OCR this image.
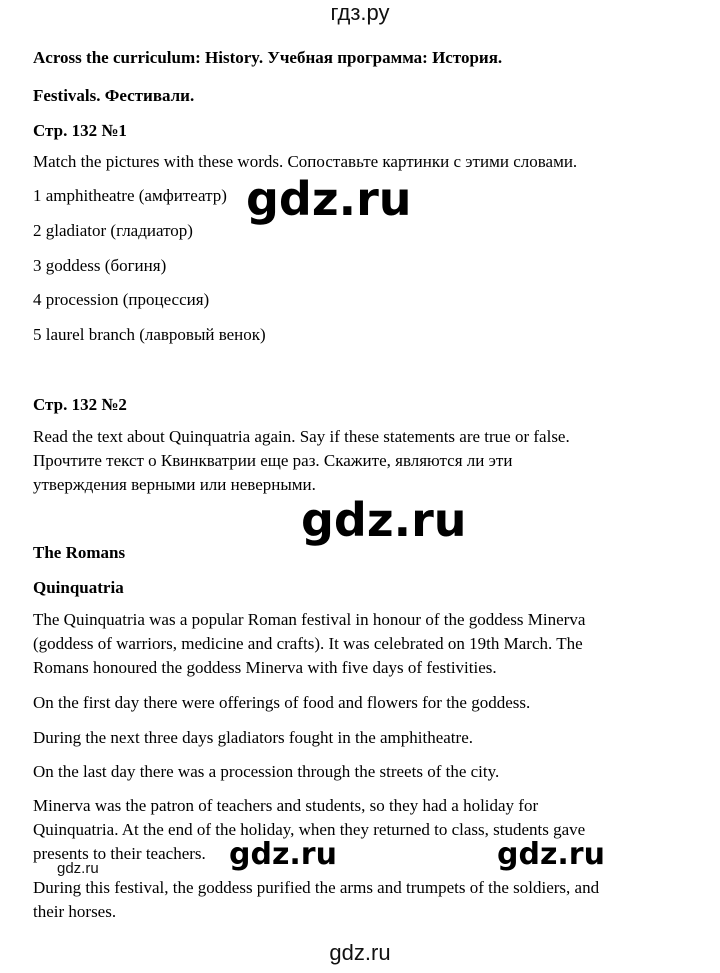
гдз.ру
Across the curriculum: History. Учебная программа: История.
Festivals. Фестивали.
Стр. 132 №1
Match the pictures with these words. Сопоставьте картинки с этими словами.
1 amphitheatre (амфитеатр)
2 gladiator (гладиатор)
3 goddess (богиня)
4 procession (процессия)
5 laurel branch (лавровый венок)
Стр. 132 №2
Read the text about Quinquatria again. Say if these statements are true or false.
Прочтите текст о Квинкватрии еще раз. Скажите, являются ли эти
утверждения верными или неверными.
The Romans
Quinquatria
The Quinquatria was a popular Roman festival in honour of the goddess Minerva
(goddess of warriors, medicine and crafts). It was celebrated on 19th March. The
Romans honoured the goddess Minerva with five days of festivities.
On the first day there were offerings of food and flowers for the goddess.
During the next three days gladiators fought in the amphitheatre.
On the last day there was a procession through the streets of the city.
Minerva was the patron of teachers and students, so they had a holiday for
Quinquatria. At the end of the holiday, when they returned to class, students gave
presents to their teachers.
During this festival, the goddess purified the arms and trumpets of the soldiers, and
their horses.
gdz.ru
gdz.ru
gdz.ru	gdz.ru
gdz.ru
gdz.ru
